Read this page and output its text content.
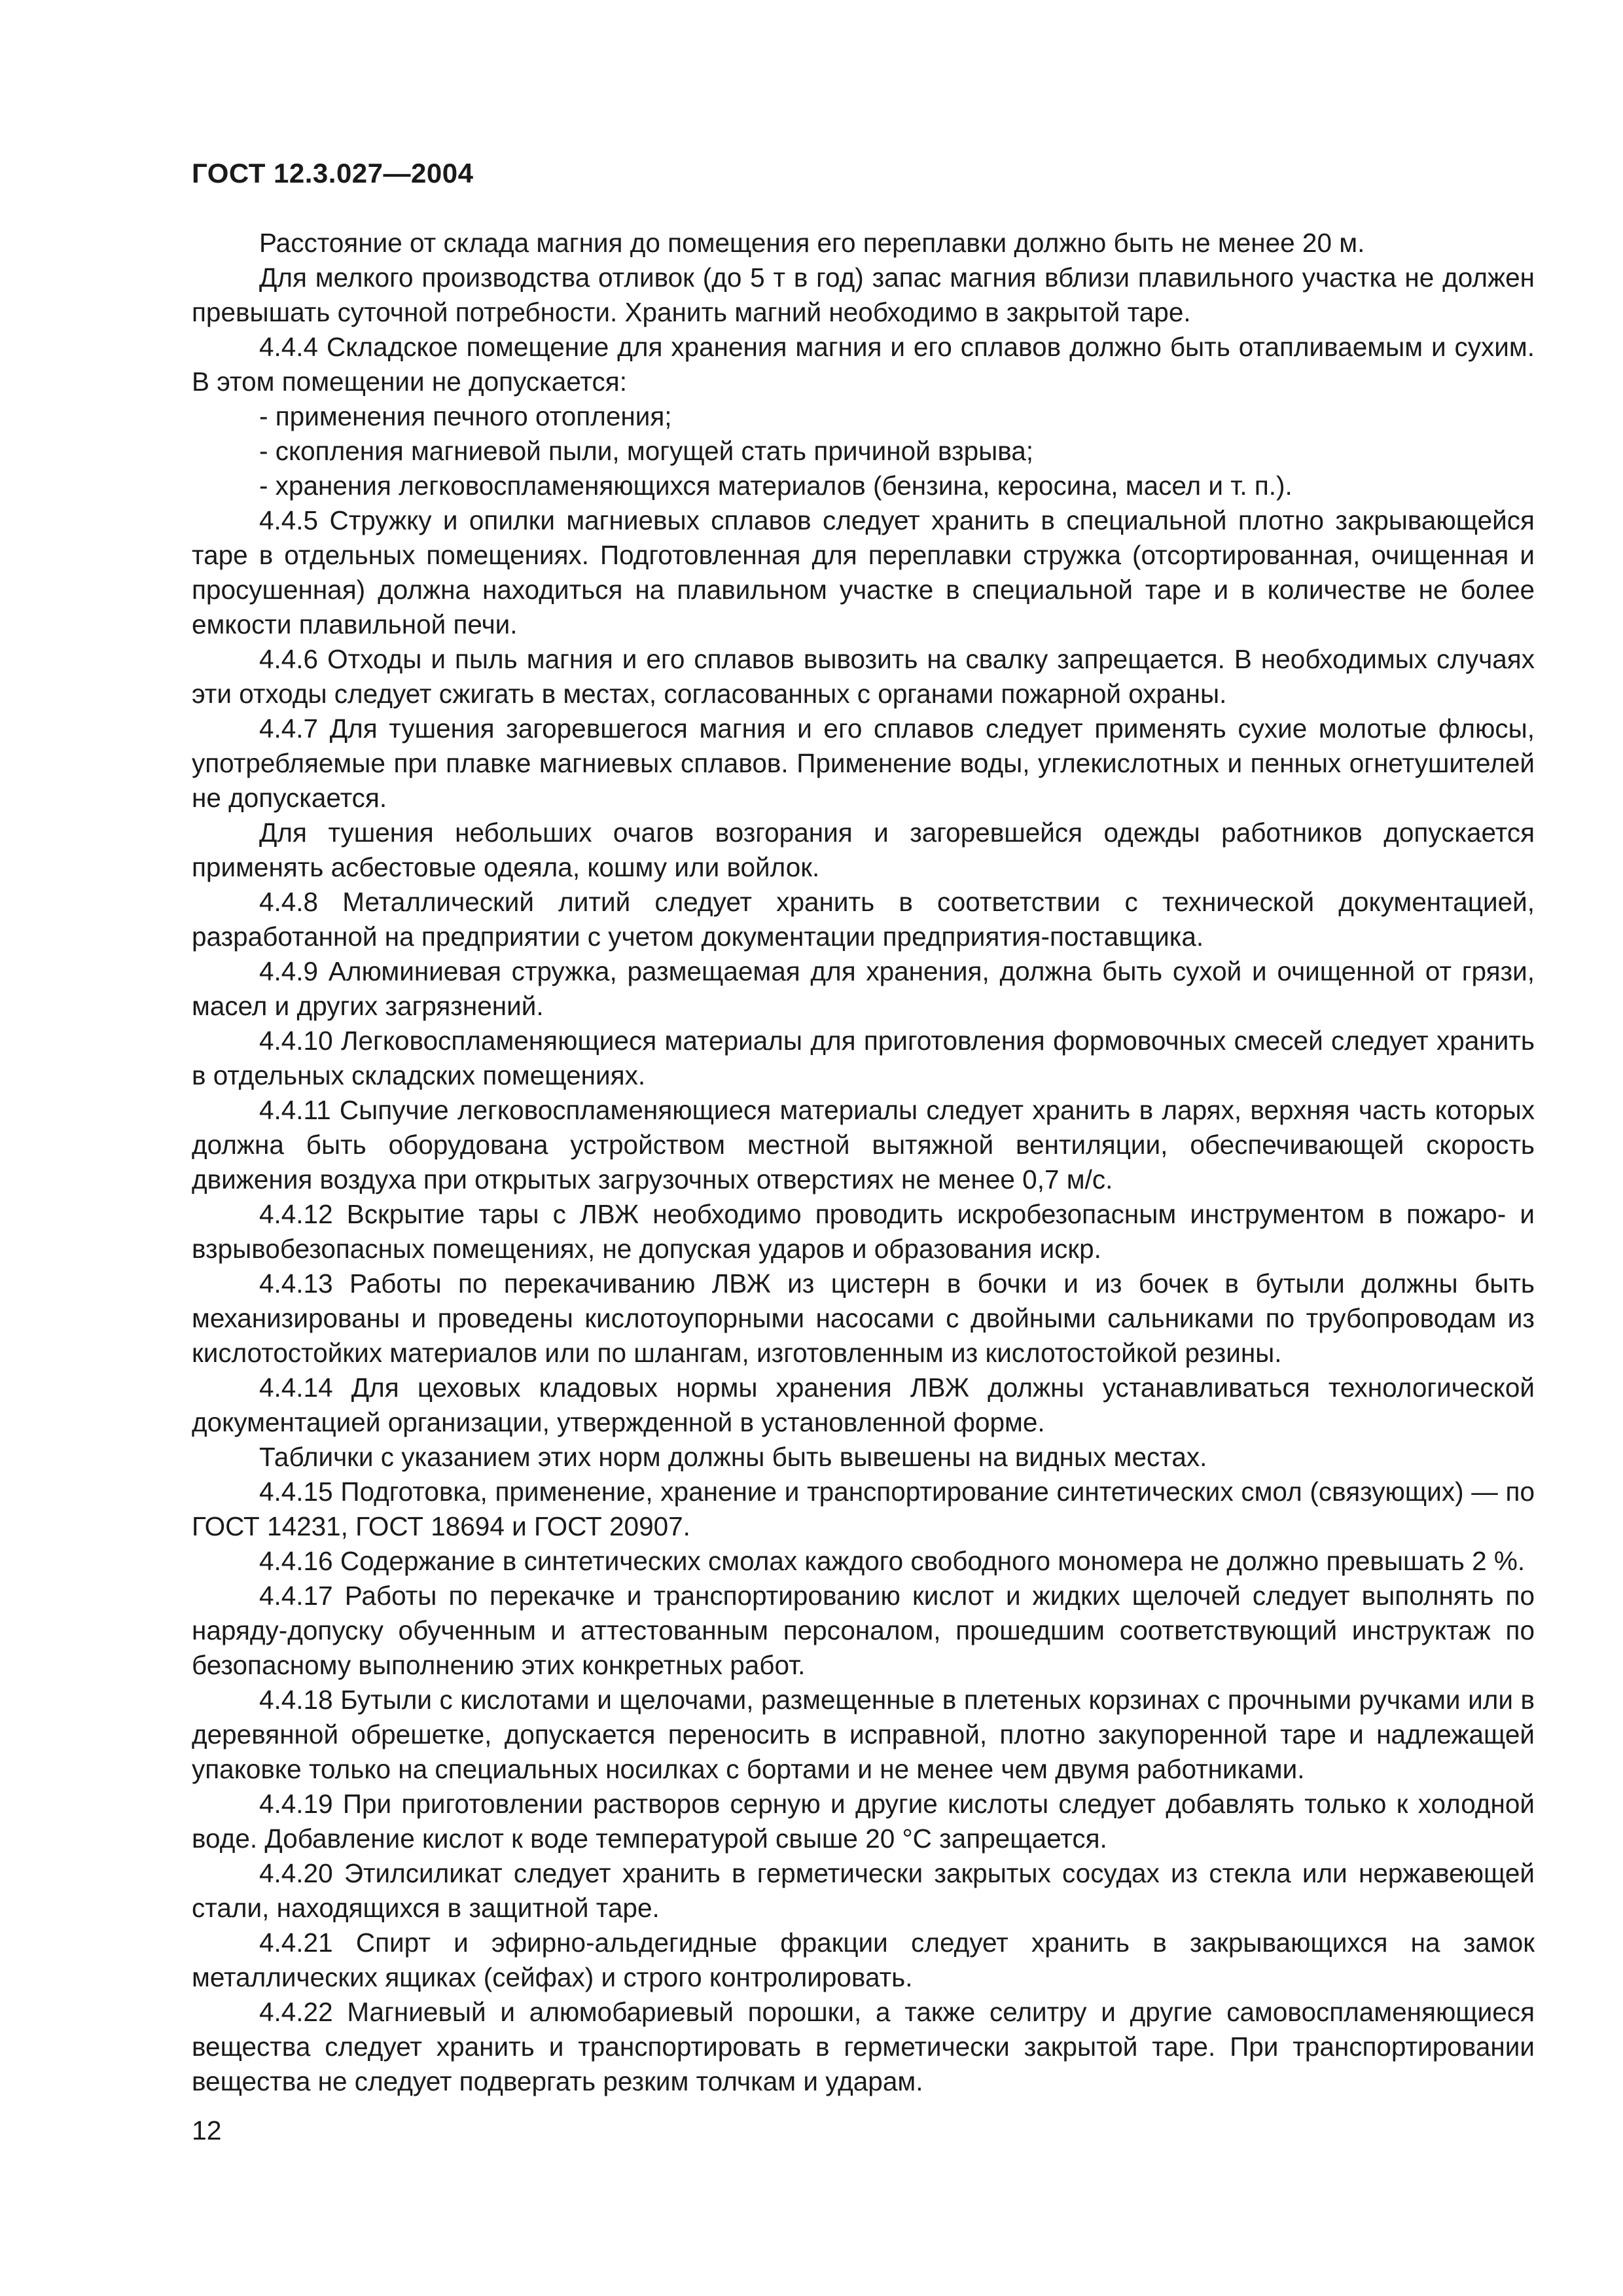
ГОСТ 12.3.027—2004

Расстояние от склада магния до помещения его переплавки должно быть не менее 20 м.

Для мелкого производства отливок (до 5 т в год) запас магния вблизи плавильного участка не должен превышать суточной потребности. Хранить магний необходимо в закрытой таре.

4.4.4 Складское помещение для хранения магния и его сплавов должно быть отапливаемым и сухим. В этом помещении не допускается:

- применения печного отопления;

- скопления магниевой пыли, могущей стать причиной взрыва;

- хранения легковоспламеняющихся материалов (бензина, керосина, масел и т. п.).

4.4.5 Стружку и опилки магниевых сплавов следует хранить в специальной плотно закрывающейся таре в отдельных помещениях. Подготовленная для переплавки стружка (отсортированная, очищенная и просушенная) должна находиться на плавильном участке в специальной таре и в количестве не более емкости плавильной печи.

4.4.6 Отходы и пыль магния и его сплавов вывозить на свалку запрещается. В необходимых случаях эти отходы следует сжигать в местах, согласованных с органами пожарной охраны.

4.4.7 Для тушения загоревшегося магния и его сплавов следует применять сухие молотые флюсы, употребляемые при плавке магниевых сплавов. Применение воды, углекислотных и пенных огнетушителей не допускается.

Для тушения небольших очагов возгорания и загоревшейся одежды работников допускается применять асбестовые одеяла, кошму или войлок.

4.4.8 Металлический литий следует хранить в соответствии с технической документацией, разработанной на предприятии с учетом документации предприятия-поставщика.

4.4.9 Алюминиевая стружка, размещаемая для хранения, должна быть сухой и очищенной от грязи, масел и других загрязнений.

4.4.10 Легковоспламеняющиеся материалы для приготовления формовочных смесей следует хранить в отдельных складских помещениях.

4.4.11 Сыпучие легковоспламеняющиеся материалы следует хранить в ларях, верхняя часть которых должна быть оборудована устройством местной вытяжной вентиляции, обеспечивающей скорость движения воздуха при открытых загрузочных отверстиях не менее 0,7 м/с.

4.4.12 Вскрытие тары с ЛВЖ необходимо проводить искробезопасным инструментом в пожаро- и взрывобезопасных помещениях, не допуская ударов и образования искр.

4.4.13 Работы по перекачиванию ЛВЖ из цистерн в бочки и из бочек в бутыли должны быть механизированы и проведены кислотоупорными насосами с двойными сальниками по трубопроводам из кислотостойких материалов или по шлангам, изготовленным из кислотостойкой резины.

4.4.14 Для цеховых кладовых нормы хранения ЛВЖ должны устанавливаться технологической документацией организации, утвержденной в установленной форме.

Таблички с указанием этих норм должны быть вывешены на видных местах.

4.4.15 Подготовка, применение, хранение и транспортирование синтетических смол (связующих) — по ГОСТ 14231, ГОСТ 18694 и ГОСТ 20907.

4.4.16 Содержание в синтетических смолах каждого свободного мономера не должно превышать 2 %.

4.4.17 Работы по перекачке и транспортированию кислот и жидких щелочей следует выполнять по наряду-допуску обученным и аттестованным персоналом, прошедшим соответствующий инструктаж по безопасному выполнению этих конкретных работ.

4.4.18 Бутыли с кислотами и щелочами, размещенные в плетеных корзинах с прочными ручками или в деревянной обрешетке, допускается переносить в исправной, плотно закупоренной таре и надлежащей упаковке только на специальных носилках с бортами и не менее чем двумя работниками.

4.4.19 При приготовлении растворов серную и другие кислоты следует добавлять только к холодной воде. Добавление кислот к воде температурой свыше 20 °С запрещается.

4.4.20 Этилсиликат следует хранить в герметически закрытых сосудах из стекла или нержавеющей стали, находящихся в защитной таре.

4.4.21 Спирт и эфирно-альдегидные фракции следует хранить в закрывающихся на замок металлических ящиках (сейфах) и строго контролировать.

4.4.22 Магниевый и алюмобариевый порошки, а также селитру и другие самовоспламеняющиеся вещества следует хранить и транспортировать в герметически закрытой таре. При транспортировании вещества не следует подвергать резким толчкам и ударам.

12
